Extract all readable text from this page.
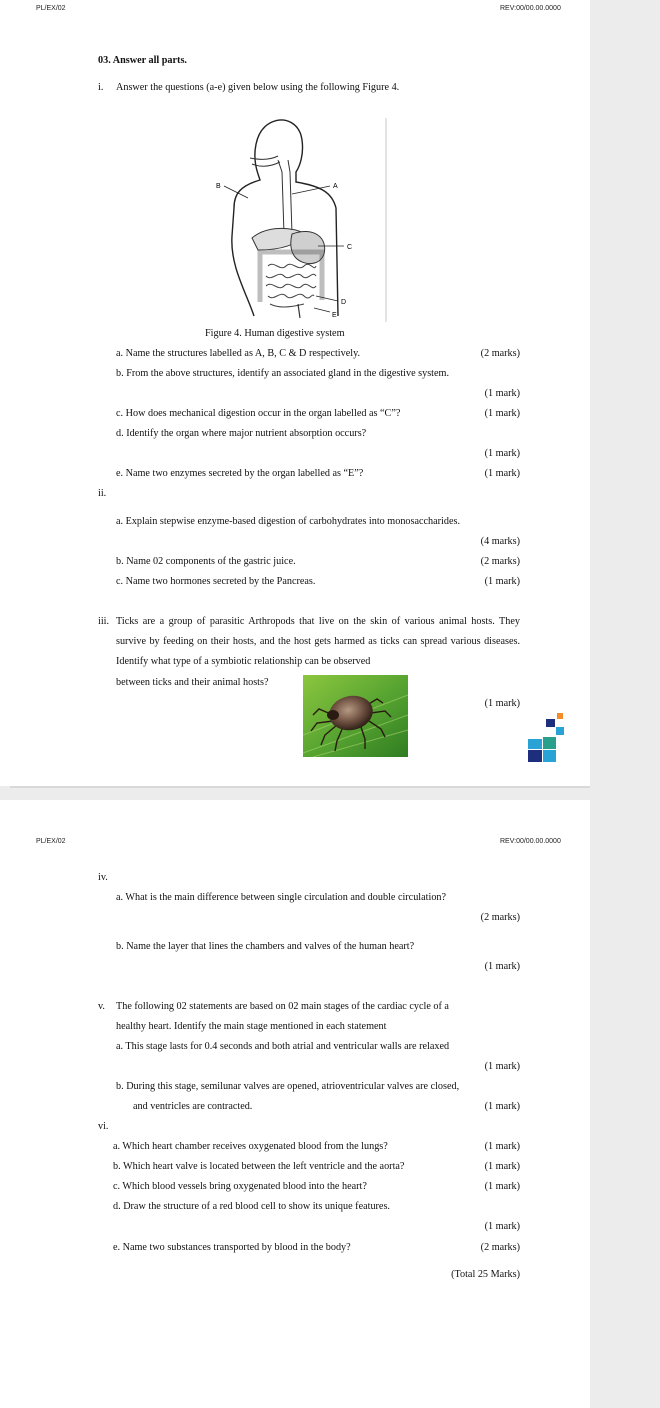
PL/EX/02	REV:00/00.00.0000
03. Answer all parts.
i. Answer the questions (a-e) given below using the following Figure 4.
B	A
C
D
E
Figure 4. Human digestive system
a. Name the structures labelled as A, B, C & D respectively.	(2 marks)
b. From the above structures, identify an associated gland in the digestive system.
(1 mark)
c. How does mechanical digestion occur in the organ labelled as “C”?	(1 mark)
d. Identify the organ where major nutrient absorption occurs?
(1 mark)
e. Name two enzymes secreted by the organ labelled as “E”?	(1 mark)
ii.
a. Explain stepwise enzyme-based digestion of carbohydrates into monosaccharides.
(4 marks)
b. Name 02 components of the gastric juice.	(2 marks)
c. Name two hormones secreted by the Pancreas.	(1 mark)
iii. Ticks are a group of parasitic Arthropods that live on the skin of various animal hosts. They survive by feeding on their hosts, and the host gets harmed as ticks can spread various diseases. Identify what type of a symbiotic relationship can be observed
between ticks and their animal hosts?
(1 mark)
PL/EX/02	REV:00/00.00.0000
iv.
a. What is the main difference between single circulation and double circulation?
(2 marks)
b. Name the layer that lines the chambers and valves of the human heart?
(1 mark)
v. The following 02 statements are based on 02 main stages of the cardiac cycle of a
healthy heart. Identify the main stage mentioned in each statement
a. This stage lasts for 0.4 seconds and both atrial and ventricular walls are relaxed
(1 mark)
b. During this stage, semilunar valves are opened, atrioventricular valves are closed,
and ventricles are contracted.	(1 mark)
vi.
a. Which heart chamber receives oxygenated blood from the lungs?	(1 mark)
b. Which heart valve is located between the left ventricle and the aorta?	(1 mark)
c. Which blood vessels bring oxygenated blood into the heart?	(1 mark)
d. Draw the structure of a red blood cell to show its unique features.
(1 mark)
e. Name two substances transported by blood in the body?	(2 marks)
(Total 25 Marks)
